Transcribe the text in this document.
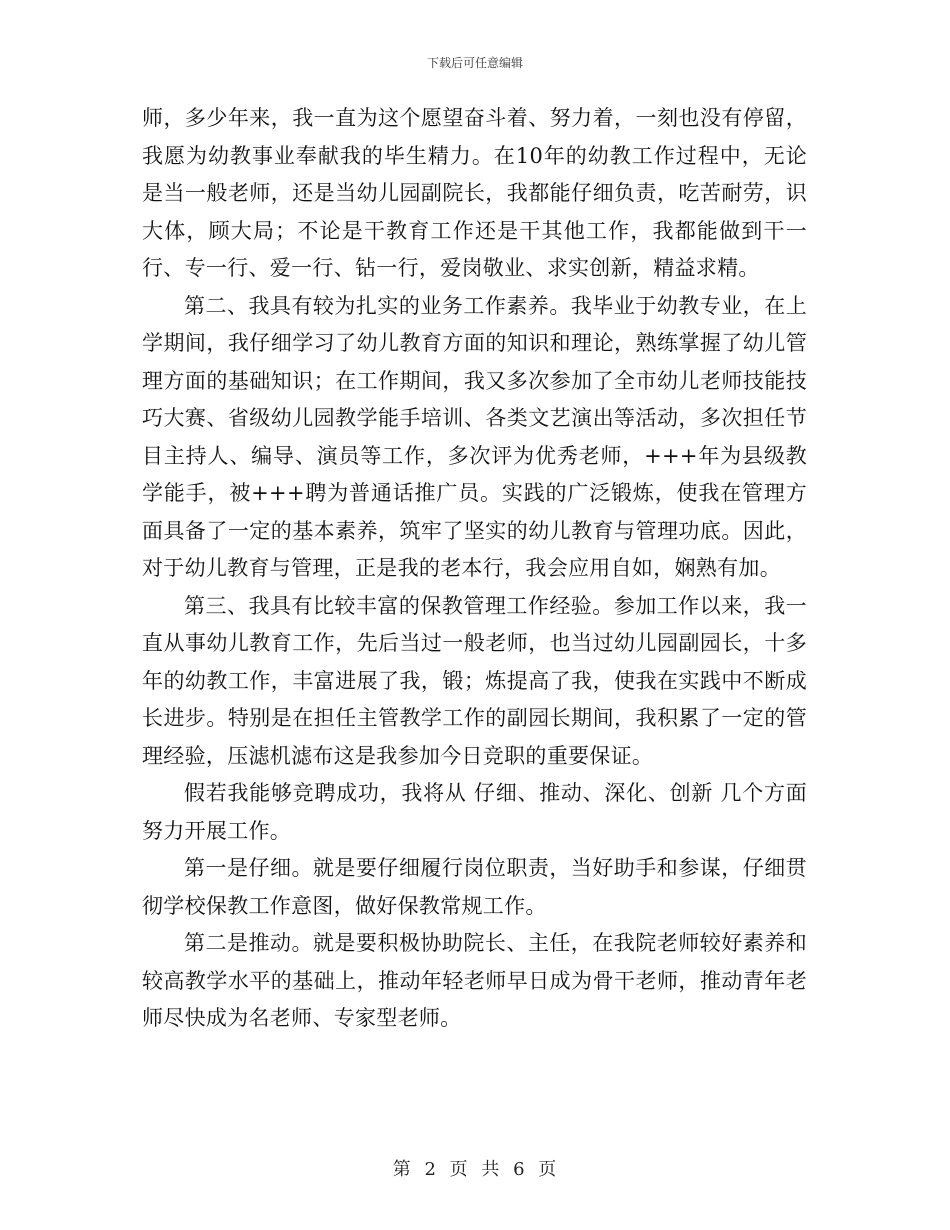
下载后可任意编辑

师，多少年来，我一直为这个愿望奋斗着、努力着，一刻也没有停留，我愿为幼教事业奉献我的毕生精力。在10年的幼教工作过程中，无论是当一般老师，还是当幼儿园副院长，我都能仔细负责，吃苦耐劳，识大体，顾大局；不论是干教育工作还是干其他工作，我都能做到干一行、专一行、爱一行、钻一行，爱岗敬业、求实创新，精益求精。

第二、我具有较为扎实的业务工作素养。我毕业于幼教专业，在上学期间，我仔细学习了幼儿教育方面的知识和理论，熟练掌握了幼儿管理方面的基础知识；在工作期间，我又多次参加了全市幼儿老师技能技巧大赛、省级幼儿园教学能手培训、各类文艺演出等活动，多次担任节目主持人、编导、演员等工作，多次评为优秀老师，+++年为县级教学能手，被+++聘为普通话推广员。实践的广泛锻炼，使我在管理方面具备了一定的基本素养，筑牢了坚实的幼儿教育与管理功底。因此，对于幼儿教育与管理，正是我的老本行，我会应用自如，娴熟有加。

第三、我具有比较丰富的保教管理工作经验。参加工作以来，我一直从事幼儿教育工作，先后当过一般老师，也当过幼儿园副园长，十多年的幼教工作，丰富进展了我，锻；炼提高了我，使我在实践中不断成长进步。特别是在担任主管教学工作的副园长期间，我积累了一定的管理经验，压滤机滤布这是我参加今日竞职的重要保证。

假若我能够竞聘成功，我将从 仔细、推动、深化、创新 几个方面努力开展工作。

第一是仔细。就是要仔细履行岗位职责，当好助手和参谋，仔细贯彻学校保教工作意图，做好保教常规工作。

第二是推动。就是要积极协助院长、主任，在我院老师较好素养和较高教学水平的基础上，推动年轻老师早日成为骨干老师，推动青年老师尽快成为名老师、专家型老师。

第 2 页 共 6 页
